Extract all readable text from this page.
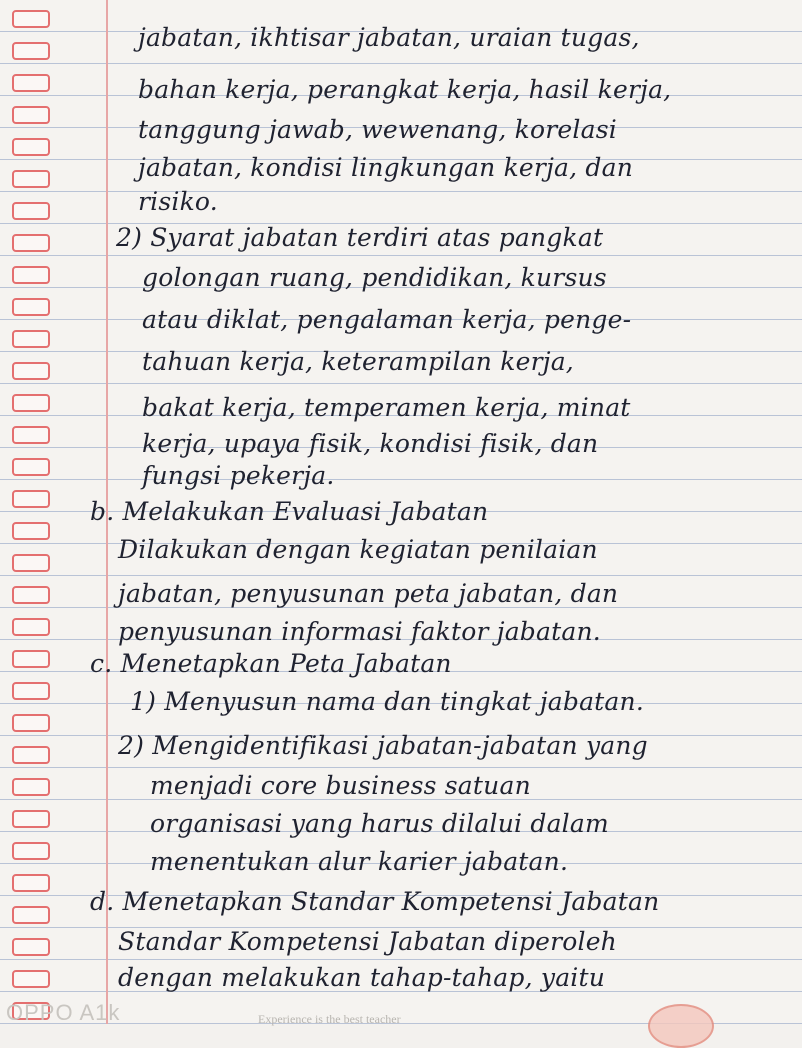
jabatan, ikhtisar jabatan, uraian tugas,
bahan kerja, perangkat kerja, hasil kerja,
tanggung jawab, wewenang, korelasi
jabatan, kondisi lingkungan kerja, dan
risiko.
2) Syarat jabatan terdiri atas pangkat
golongan ruang, pendidikan, kursus
atau diklat, pengalaman kerja, penge-
tahuan kerja, keterampilan kerja,
bakat kerja, temperamen kerja, minat
kerja, upaya fisik, kondisi fisik, dan
fungsi pekerja.
b. Melakukan Evaluasi Jabatan
Dilakukan dengan kegiatan penilaian
jabatan, penyusunan peta jabatan, dan
penyusunan informasi faktor jabatan.
c. Menetapkan Peta Jabatan
1) Menyusun nama dan tingkat jabatan.
2) Mengidentifikasi jabatan-jabatan yang
menjadi core business satuan
organisasi yang harus dilalui dalam
menentukan alur karier jabatan.
d. Menetapkan Standar Kompetensi Jabatan
Standar Kompetensi Jabatan diperoleh
dengan melakukan tahap-tahap, yaitu
Experience is the best teacher
OPPO A1k
